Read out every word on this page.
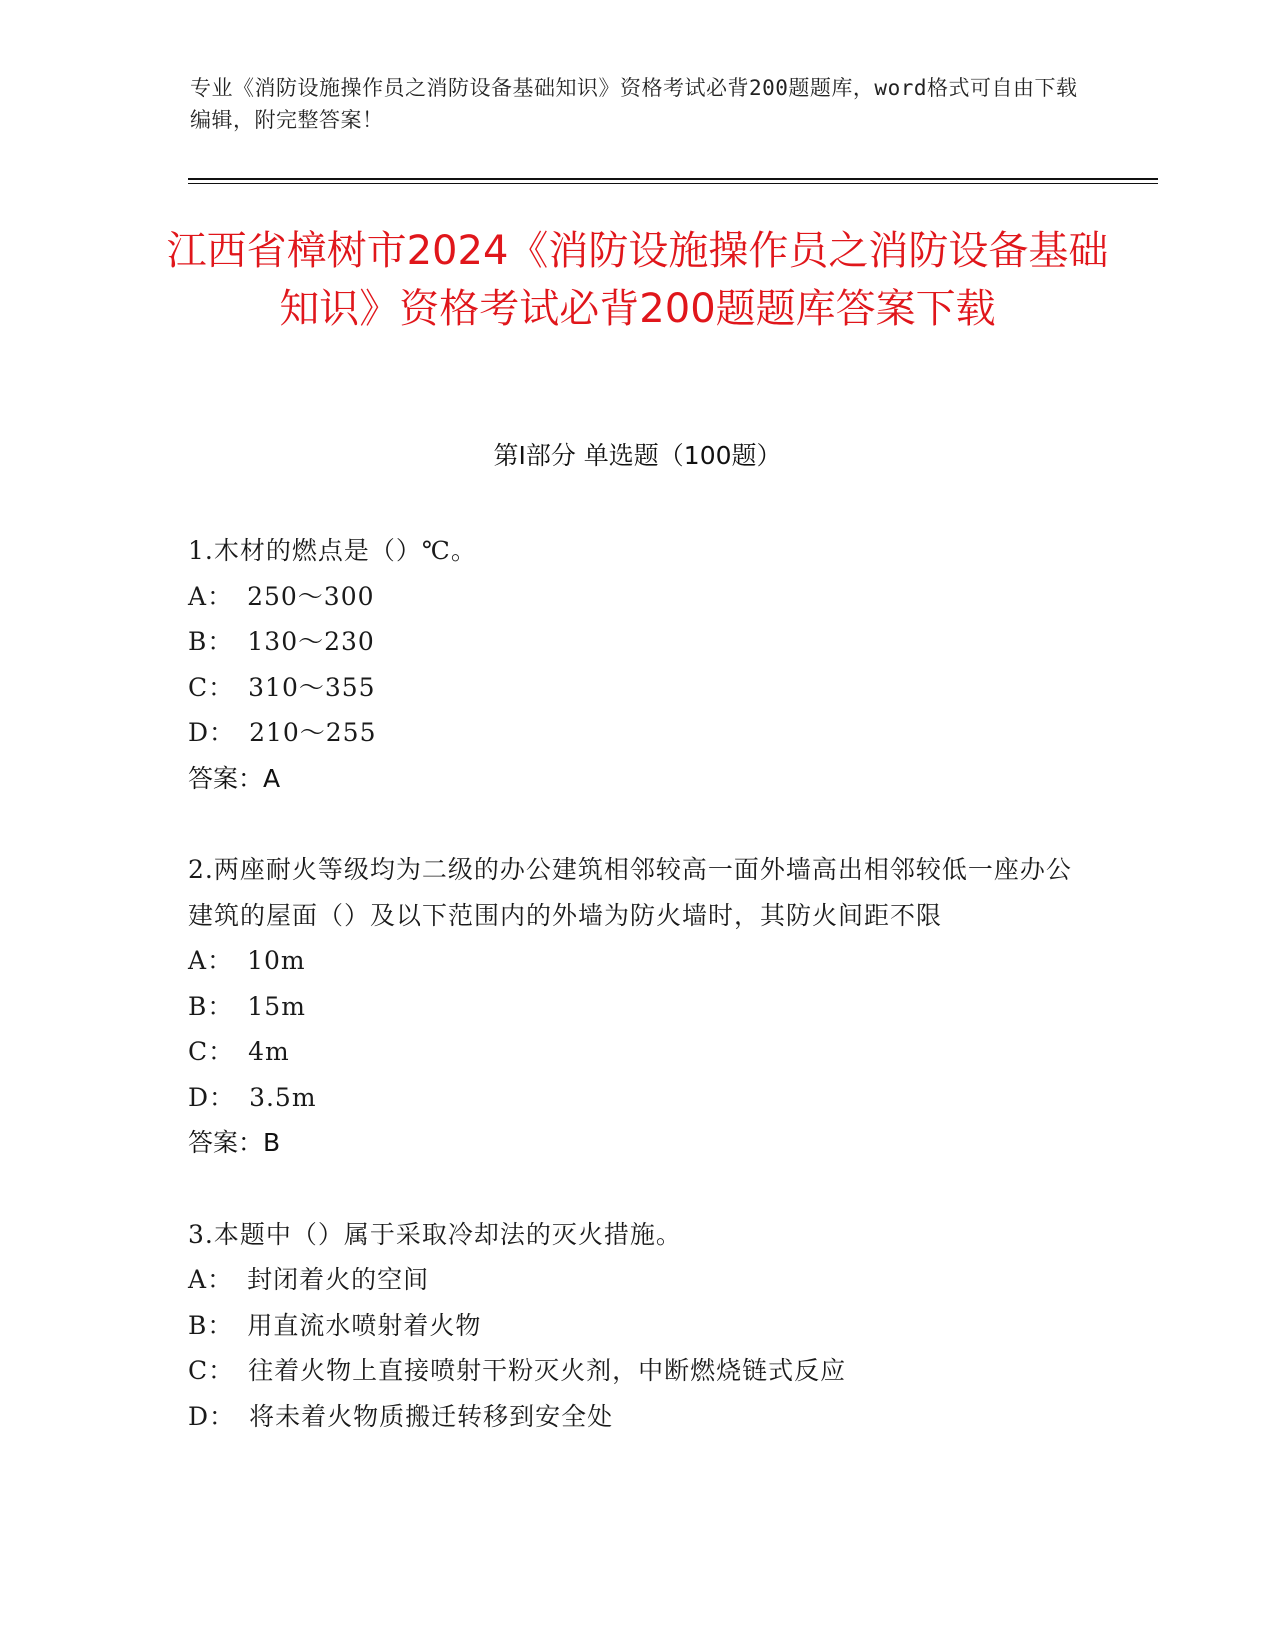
专业《消防设施操作员之消防设备基础知识》资格考试必背200题题库，word格式可自由下载编辑，附完整答案！
江西省樟树市2024《消防设施操作员之消防设备基础知识》资格考试必背200题题库答案下载
第Ⅰ部分 单选题（100题）
1.木材的燃点是（）℃。
A： 250～300
B： 130～230
C： 310～355
D： 210～255
答案：A
2.两座耐火等级均为二级的办公建筑相邻较高一面外墙高出相邻较低一座办公建筑的屋面（）及以下范围内的外墙为防火墙时，其防火间距不限
A： 10m
B： 15m
C： 4m
D： 3.5m
答案：B
3.本题中（）属于采取冷却法的灭火措施。
A： 封闭着火的空间
B： 用直流水喷射着火物
C： 往着火物上直接喷射干粉灭火剂，中断燃烧链式反应
D： 将未着火物质搬迁转移到安全处
